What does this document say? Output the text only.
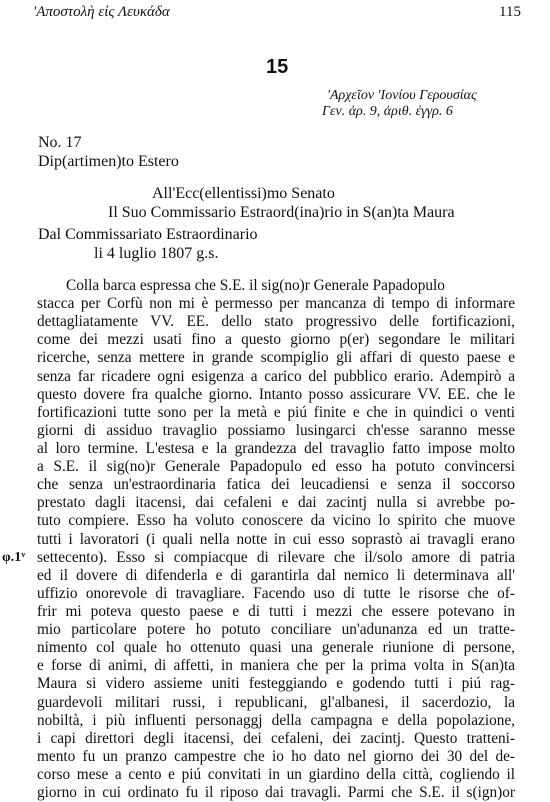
'Αποστολὴ εἰς Λευκάδα	115
15
'Αρχεῖον 'Ιονίου Γερουσίας
Γεν. ἀρ. 9, ἀριθ. ἐγγρ. 6
No. 17
Dip(artimen)to Estero
All'Ecc(ellentissi)mo Senato
Il Suo Commissario Estraord(ina)rio in S(an)ta Maura
Dal Commissariato Estraordinario
li 4 luglio 1807 g.s.
φ.1ᵛ
Colla barca espressa che S.E. il sig(no)r Generale Papadopulo
stacca per Corfù non mi è permesso per mancanza di tempo di informare
dettagliatamente VV. EE. dello stato progressivo delle fortificazioni,
come dei mezzi usati fino a questo giorno p(er) segondare le militari
ricerche, senza mettere in grande scompiglio gli affari di questo paese e
senza far ricadere ogni esigenza a carico del pubblico erario. Adempirò a
questo dovere fra qualche giorno. Intanto posso assicurare VV. EE. che le
fortificazioni tutte sono per la metà e piú finite e che in quindici o venti
giorni di assiduo travaglio possiamo lusingarci ch'esse saranno messe
al loro termine. L'estesa e la grandezza del travaglio fatto impose molto
a S.E. il sig(no)r Generale Papadopulo ed esso ha potuto convincersi
che senza un'estraordinaria fatica dei leucadiensi e senza il soccorso
prestato dagli itacensi, dai cefaleni e dai zacintj nulla si avrebbe po-
tuto compiere. Esso ha voluto conoscere da vicino lo spirito che muove
tutti i lavoratori (i quali nella notte in cui esso soprastò ai travagli erano
settecento). Esso si compiacque di rilevare che il/solo amore di patria
ed il dovere di difenderla e di garantirla dal nemico li determinava all'
uffizio onorevole di travagliare. Facendo uso di tutte le risorse che of-
frir mi poteva questo paese e di tutti i mezzi che essere potevano in
mio particolare potere ho potuto conciliare un'adunanza ed un tratte-
nimento col quale ho ottenuto quasi una generale riunione di persone,
e forse di animi, di affetti, in maniera che per la prima volta in S(an)ta
Maura si videro assieme uniti festeggiando e godendo tutti i piú rag-
guardevoli militari russi, i republicani, gl'albanesi, il sacerdozio, la
nobiltà, i più influenti personaggj della campagna e della popolazione,
i capi direttori degli itacensi, dei cefaleni, dei zacintj. Questo tratteni-
mento fu un pranzo campestre che io ho dato nel giorno dei 30 del de-
corso mese a cento e piú convitati in un giardino della città, cogliendo il
giorno in cui ordinato fu il riposo dai travagli. Parmi che S.E. il s(ign)or
